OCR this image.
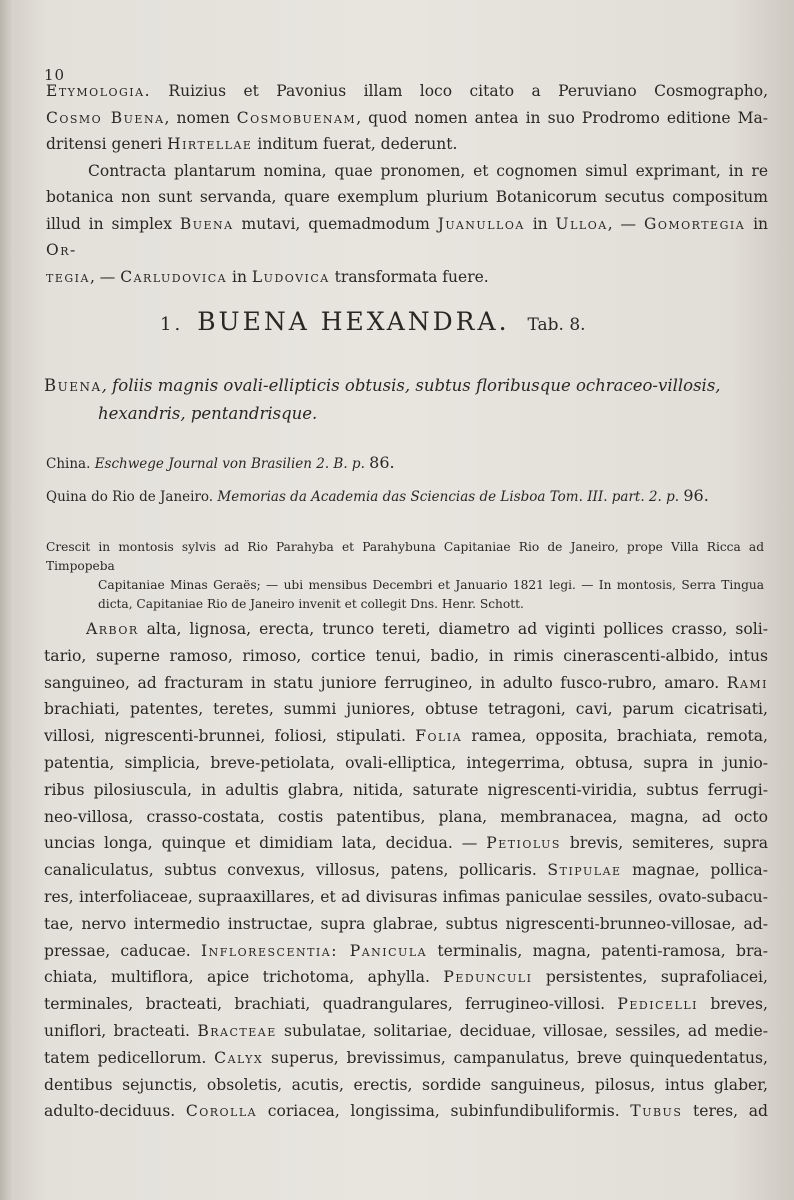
10
Etymologia. Ruizius et Pavonius illam loco citato a Peruviano Cosmographo,
Cosmo Buena, nomen Cosmobuenam, quod nomen antea in suo Prodromo editione Ma-
dritensi generi Hirtellae inditum fuerat, dederunt.
Contracta plantarum nomina, quae pronomen, et cognomen simul exprimant, in re
botanica non sunt servanda, quare exemplum plurium Botanicorum secutus compositum
illud in simplex Buena mutavi, quemadmodum Juanulloa in Ulloa, — Gomortegia in Or-
tegia, — Carludovica in Ludovica transformata fuere.
1. BUENA HEXANDRA. Tab. 8.
Buena, foliis magnis ovali-ellipticis obtusis, subtus floribusque ochraceo-villosis,
hexandris, pentandrisque.
China. Eschwege Journal von Brasilien 2. B. p. 86.
Quina do Rio de Janeiro. Memorias da Academia das Sciencias de Lisboa Tom. III. part. 2. p. 96.
Crescit in montosis sylvis ad Rio Parahyba et Parahybuna Capitaniae Rio de Janeiro, prope Villa Ricca ad Timpopeba
Capitaniae Minas Geraës; — ubi mensibus Decembri et Januario 1821 legi. — In montosis, Serra Tingua
dicta, Capitaniae Rio de Janeiro invenit et collegit Dns. Henr. Schott.
Arbor alta, lignosa, erecta, trunco tereti, diametro ad viginti pollices crasso, soli-
tario, superne ramoso, rimoso, cortice tenui, badio, in rimis cinerascenti-albido, intus
sanguineo, ad fracturam in statu juniore ferrugineo, in adulto fusco-rubro, amaro. Rami
brachiati, patentes, teretes, summi juniores, obtuse tetragoni, cavi, parum cicatrisati,
villosi, nigrescenti-brunnei, foliosi, stipulati. Folia ramea, opposita, brachiata, remota,
patentia, simplicia, breve-petiolata, ovali-elliptica, integerrima, obtusa, supra in junio-
ribus pilosiuscula, in adultis glabra, nitida, saturate nigrescenti-viridia, subtus ferrugi-
neo-villosa, crasso-costata, costis patentibus, plana, membranacea, magna, ad octo
uncias longa, quinque et dimidiam lata, decidua. — Petiolus brevis, semiteres, supra
canaliculatus, subtus convexus, villosus, patens, pollicaris. Stipulae magnae, pollica-
res, interfoliaceae, supraaxillares, et ad divisuras infimas paniculae sessiles, ovato-subacu-
tae, nervo intermedio instructae, supra glabrae, subtus nigrescenti-brunneo-villosae, ad-
pressae, caducae. Inflorescentia: Panicula terminalis, magna, patenti-ramosa, bra-
chiata, multiflora, apice trichotoma, aphylla. Pedunculi persistentes, suprafoliacei,
terminales, bracteati, brachiati, quadrangulares, ferrugineo-villosi. Pedicelli breves,
uniflori, bracteati. Bracteae subulatae, solitariae, deciduae, villosae, sessiles, ad medie-
tatem pedicellorum. Calyx superus, brevissimus, campanulatus, breve quinquedentatus,
dentibus sejunctis, obsoletis, acutis, erectis, sordide sanguineus, pilosus, intus glaber,
adulto-deciduus. Corolla coriacea, longissima, subinfundibuliformis. Tubus teres, ad
